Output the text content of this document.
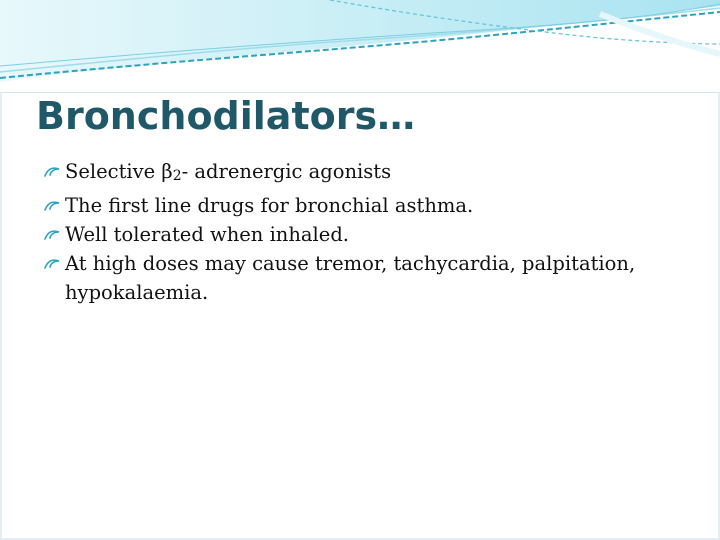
Bronchodilators…
Selective $\beta_2-$ adrenergic agonists
The first line drugs for bronchial asthma.
Well tolerated when inhaled.
At high doses may cause tremor, tachycardia, palpitation, hypokalaemia.
